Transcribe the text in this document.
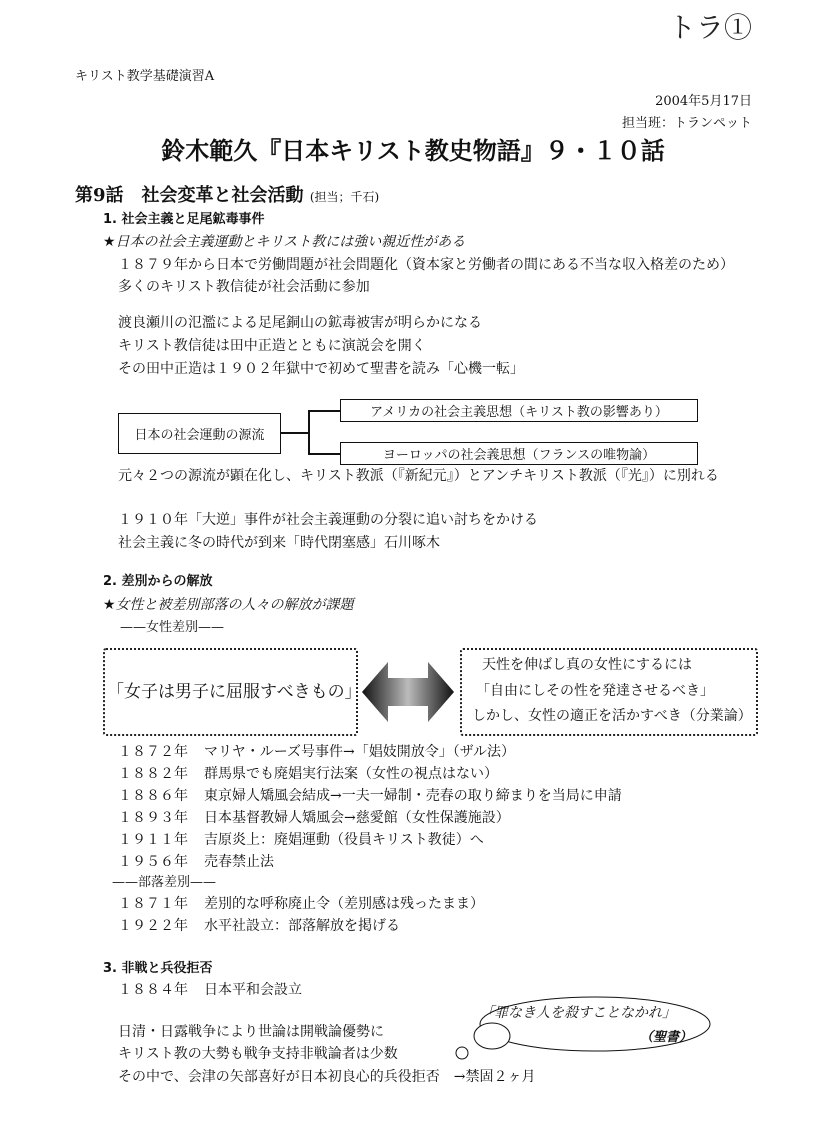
トラ①
キリスト教学基礎演習A
2004年5月17日
担当班：トランペット
鈴木範久『日本キリスト教史物語』９・１０話
第9話　社会変革と社会活動 (担当；千石)
1. 社会主義と足尾鉱毒事件
★日本の社会主義運動とキリスト教には強い親近性がある
１８７９年から日本で労働問題が社会問題化（資本家と労働者の間にある不当な収入格差のため）
多くのキリスト教信徒が社会活動に参加
渡良瀬川の氾濫による足尾銅山の鉱毒被害が明らかになる
キリスト教信徒は田中正造とともに演説会を開く
その田中正造は１９０２年獄中で初めて聖書を読み「心機一転」
日本の社会運動の源流
アメリカの社会主義思想（キリスト教の影響あり）
ヨーロッパの社会義思想（フランスの唯物論）
元々２つの源流が顕在化し、キリスト教派（『新紀元』）とアンチキリスト教派（『光』）に別れる
１９１０年「大逆」事件が社会主義運動の分裂に追い討ちをかける
社会主義に冬の時代が到来「時代閉塞感」石川啄木
2. 差別からの解放
★女性と被差別部落の人々の解放が課題
——女性差別——
「女子は男子に屈服すべきもの」
天性を伸ばし真の女性にするには
「自由にしその性を発達させるべき」
しかし、女性の適正を活かすべき（分業論）
１８７２年 マリヤ・ルーズ号事件→「娼妓開放令」（ザル法）
１８８２年 群馬県でも廃娼実行法案（女性の視点はない）
１８８６年 東京婦人矯風会結成→一夫一婦制・売春の取り締まりを当局に申請
１８９３年 日本基督教婦人矯風会→慈愛館（女性保護施設）
１９１１年 吉原炎上：廃娼運動（役員キリスト教徒）へ
１９５６年 売春禁止法
——部落差別——
１８７１年 差別的な呼称廃止令（差別感は残ったまま）
１９２２年 水平社設立：部落解放を掲げる
3. 非戦と兵役拒否
１８８４年 日本平和会設立
日清・日露戦争により世論は開戦論優勢に
キリスト教の大勢も戦争支持非戦論者は少数
その中で、会津の矢部喜好が日本初良心的兵役拒否　→禁固２ヶ月
「罪なき人を殺すことなかれ」
（聖書）
